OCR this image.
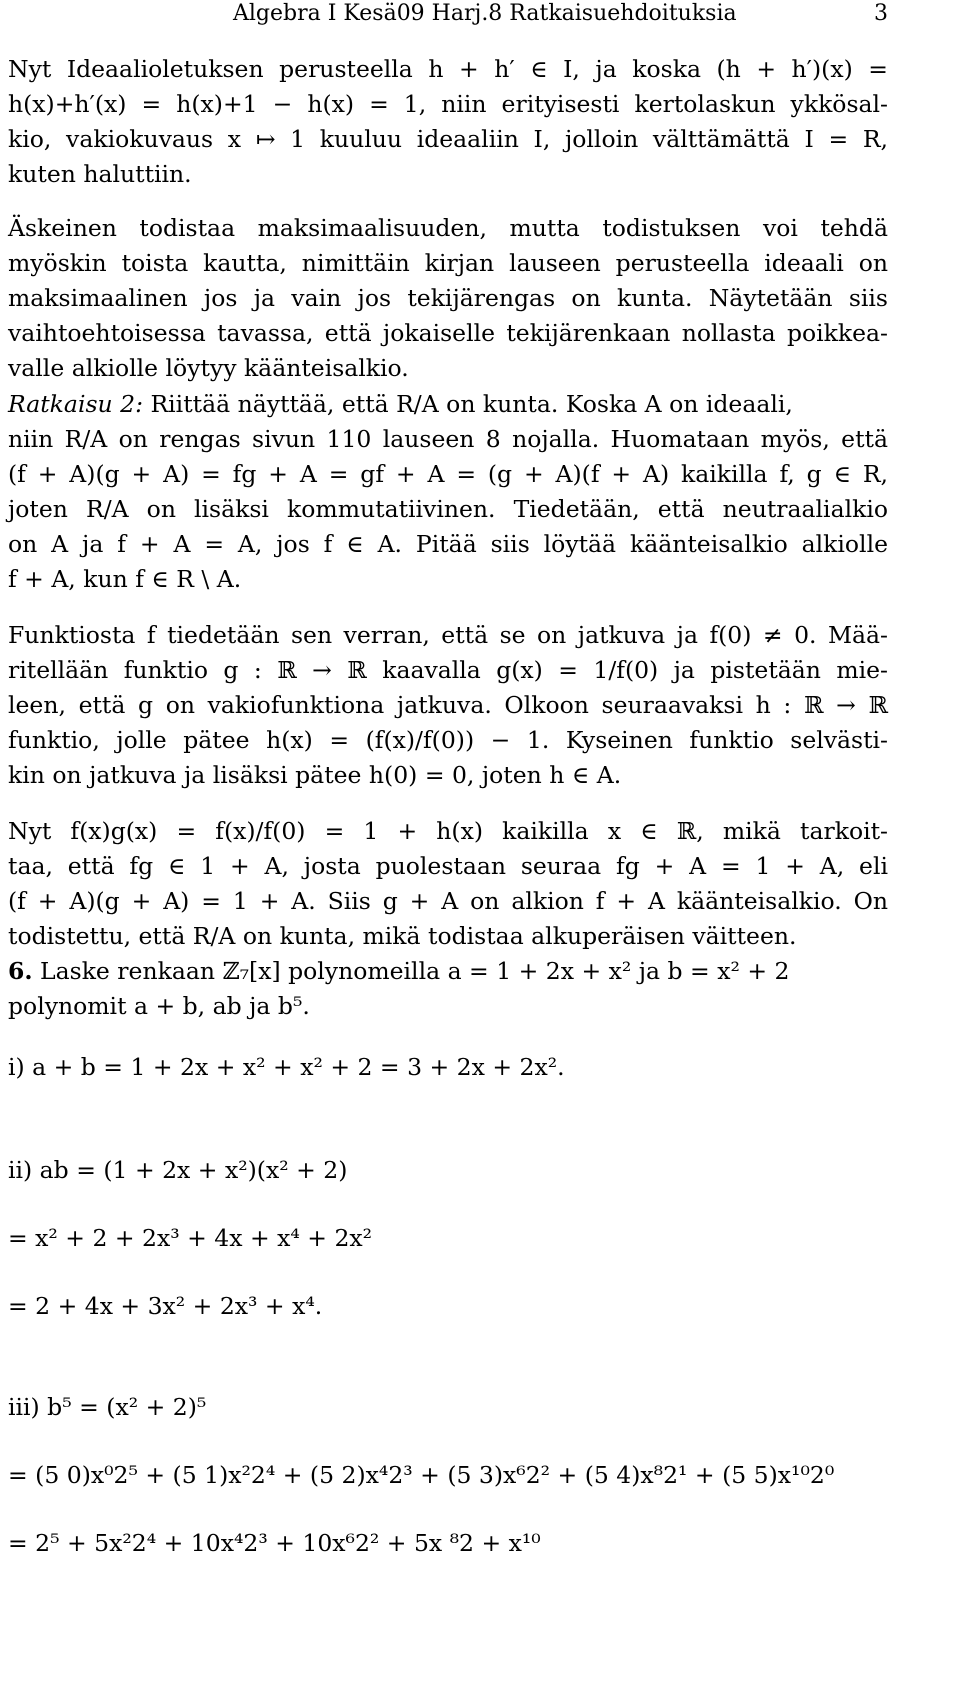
Algebra I Kesä09 Harj.8 Ratkaisuehdoituksia	3
Nyt Ideaalioletuksen perusteella h + h′ ∈ I, ja koska (h + h′)(x) =
h(x)+h′(x) = h(x)+1 − h(x) = 1, niin erityisesti kertolaskun ykkösal-
kio, vakiokuvaus x ↦ 1 kuuluu ideaaliin I, jolloin välttämättä I = R,
kuten haluttiin.
Äskeinen todistaa maksimaalisuuden, mutta todistuksen voi tehdä
myöskin toista kautta, nimittäin kirjan lauseen perusteella ideaali on
maksimaalinen jos ja vain jos tekijärengas on kunta. Näytetään siis
vaihtoehtoisessa tavassa, että jokaiselle tekijärenkaan nollasta poikkea-
valle alkiolle löytyy käänteisalkio.
Ratkaisu 2: Riittää näyttää, että R/A on kunta. Koska A on ideaali,
niin R/A on rengas sivun 110 lauseen 8 nojalla. Huomataan myös, että
(f + A)(g + A) = fg + A = gf + A = (g + A)(f + A) kaikilla f, g ∈ R,
joten R/A on lisäksi kommutatiivinen. Tiedetään, että neutraalialkio
on A ja f + A = A, jos f ∈ A. Pitää siis löytää käänteisalkio alkiolle
f + A, kun f ∈ R \ A.
Funktiosta f tiedetään sen verran, että se on jatkuva ja f(0) ≠ 0. Mää-
ritellään funktio g : ℝ → ℝ kaavalla g(x) = 1/f(0) ja pistetään mie-
leen, että g on vakiofunktiona jatkuva. Olkoon seuraavaksi h : ℝ → ℝ
funktio, jolle pätee h(x) = (f(x)/f(0)) − 1. Kyseinen funktio selvästi-
kin on jatkuva ja lisäksi pätee h(0) = 0, joten h ∈ A.
Nyt f(x)g(x) = f(x)/f(0) = 1 + h(x) kaikilla x ∈ ℝ, mikä tarkoit-
taa, että fg ∈ 1 + A, josta puolestaan seuraa fg + A = 1 + A, eli
(f + A)(g + A) = 1 + A. Siis g + A on alkion f + A käänteisalkio. On
todistettu, että R/A on kunta, mikä todistaa alkuperäisen väitteen.
6. Laske renkaan ℤ₇[x] polynomeilla a = 1 + 2x + x² ja b = x² + 2
polynomit a + b, ab ja b⁵.
i) a + b = 1 + 2x + x² + x² + 2 = 3 + 2x + 2x².
ii) ab = (1 + 2x + x²)(x² + 2)
= x² + 2 + 2x³ + 4x + x⁴ + 2x²
= 2 + 4x + 3x² + 2x³ + x⁴.
iii) b⁵ = (x² + 2)⁵
= (5 0)x⁰2⁵ + (5 1)x²2⁴ + (5 2)x⁴2³ + (5 3)x⁶2² + (5 4)x⁸2¹ + (5 5)x¹⁰2⁰
= 2⁵ + 5x²2⁴ + 10x⁴2³ + 10x⁶2² + 5x ⁸2 + x¹⁰
